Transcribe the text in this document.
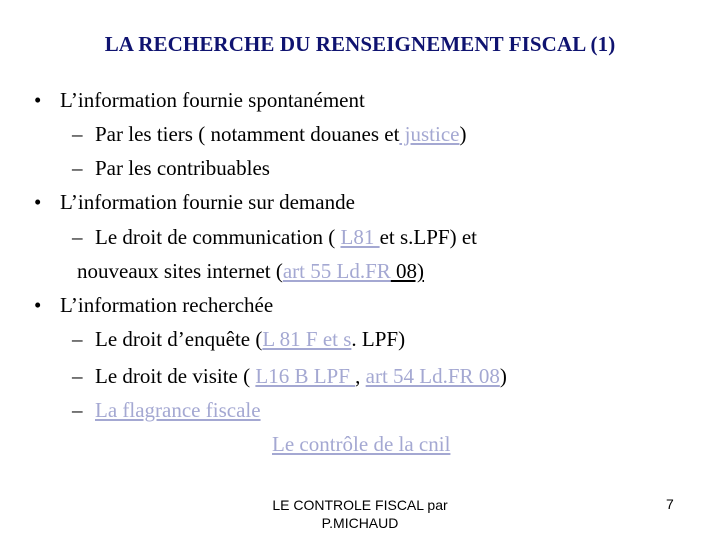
LA RECHERCHE DU RENSEIGNEMENT FISCAL (1)
• L’information fournie spontanément
– Par les tiers ( notamment douanes et justice)
– Par les contribuables
• L’information fournie sur demande
– Le droit de communication ( L81 et s.LPF) et
nouveaux sites internet (art 55 Ld.FR 08)
• L’information recherchée
– Le droit d’enquête (L 81 F et s. LPF)
– Le droit de visite ( L16 B LPF , art 54 Ld.FR 08)
– La flagrance fiscale
Le contrôle de la cnil
LE CONTROLE FISCAL par
P.MICHAUD
7
